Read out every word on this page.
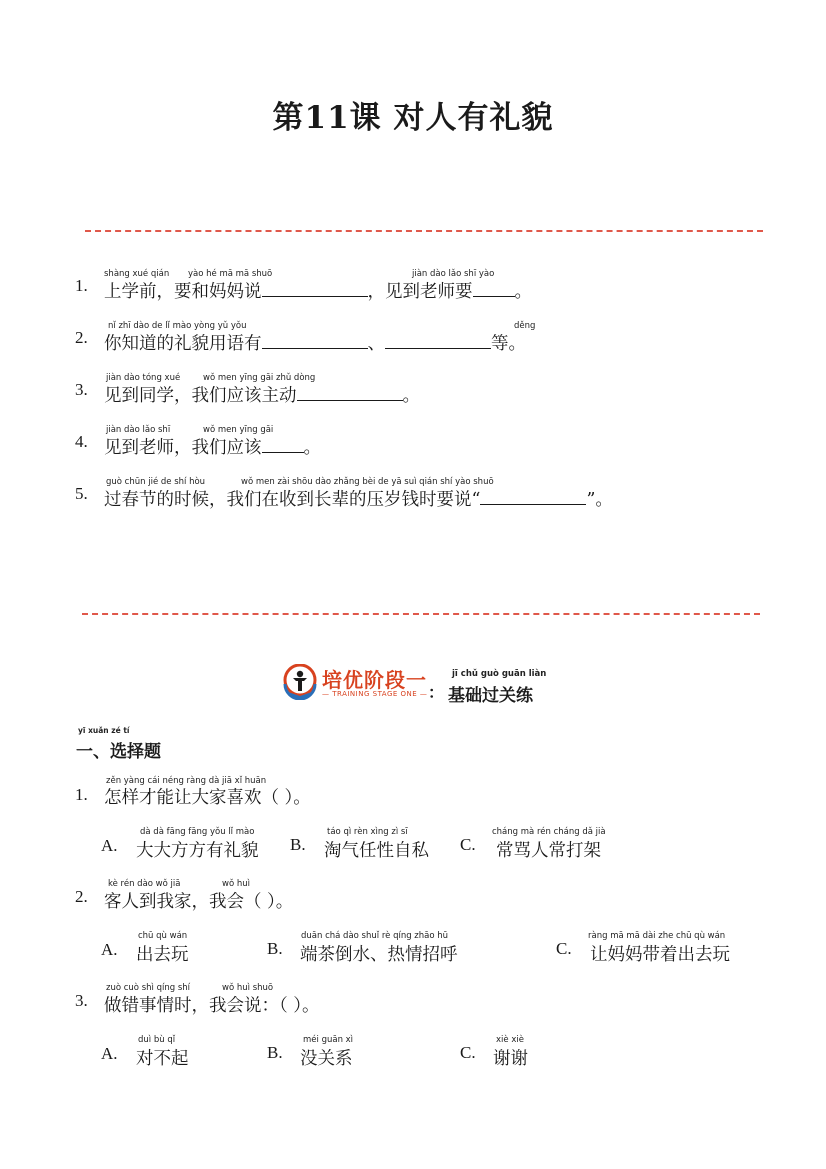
第11课 对人有礼貌
1.
shàng xué qián yào hé mā mā shuō	jiàn dào lǎo shī yào
上学前，要和妈妈说	，见到老师要 。
2.
nǐ zhī dào de lǐ mào yòng yǔ yǒu	děng
你知道的礼貌用语有	、	等。
3.
jiàn dào tóng xué	wǒ men yīng gāi zhǔ dòng
见到同学，我们应该主动	。
4.
jiàn dào lǎo shī	wǒ men yīng gāi
见到老师，我们应该 。
5.
guò chūn jié de shí hòu	wǒ men zài shōu dào zhǎng bèi de yā suì qián shí yào shuō
过春节的时候，我们在收到长辈的压岁钱时要说“	”。
培优阶段一
— TRAINING STAGE ONE — ：
jī chǔ guò guān liàn
基础过关练
yī xuǎn zé tí
一、选择题
1.
zěn yàng cái néng ràng dà jiā xǐ huān
怎样才能让大家喜欢（ ）。
A.
dà dà fāng fāng yǒu lǐ mào
大大方方有礼貌 B.
táo qì rèn xìng zì sī
淘气任性自私 C.
cháng mà rén cháng dǎ jià
常骂人常打架
2.
kè rén dào wǒ jiā	wǒ huì
客人到我家，我会（ ）。
A.
chū qù wán
出去玩	B.
duān chá dào shuǐ rè qíng zhāo hū
端茶倒水、热情招呼	C.
ràng mā mā dài zhe chū qù wán
让妈妈带着出去玩
3.
zuò cuò shì qíng shí	wǒ huì shuō
做错事情时，我会说：（ ）。
A.
duì bù qǐ
对不起	B.
méi guān xì
没关系	C.
xiè xiè
谢谢
